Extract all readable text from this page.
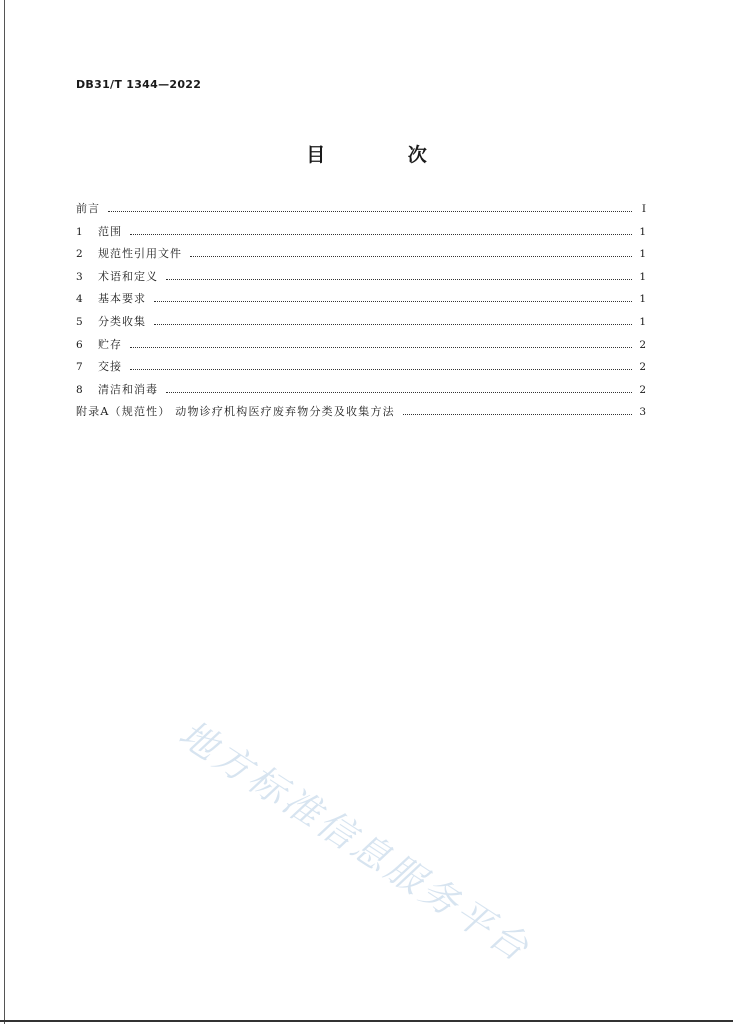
DB31/T 1344—2022
目 次
前言	I
1	范围	1
2	规范性引用文件	1
3	术语和定义	1
4	基本要求	1
5	分类收集	1
6	贮存	2
7	交接	2
8	清洁和消毒	2
附录A（规范性） 动物诊疗机构医疗废弃物分类及收集方法	3
地方标准信息服务平台
